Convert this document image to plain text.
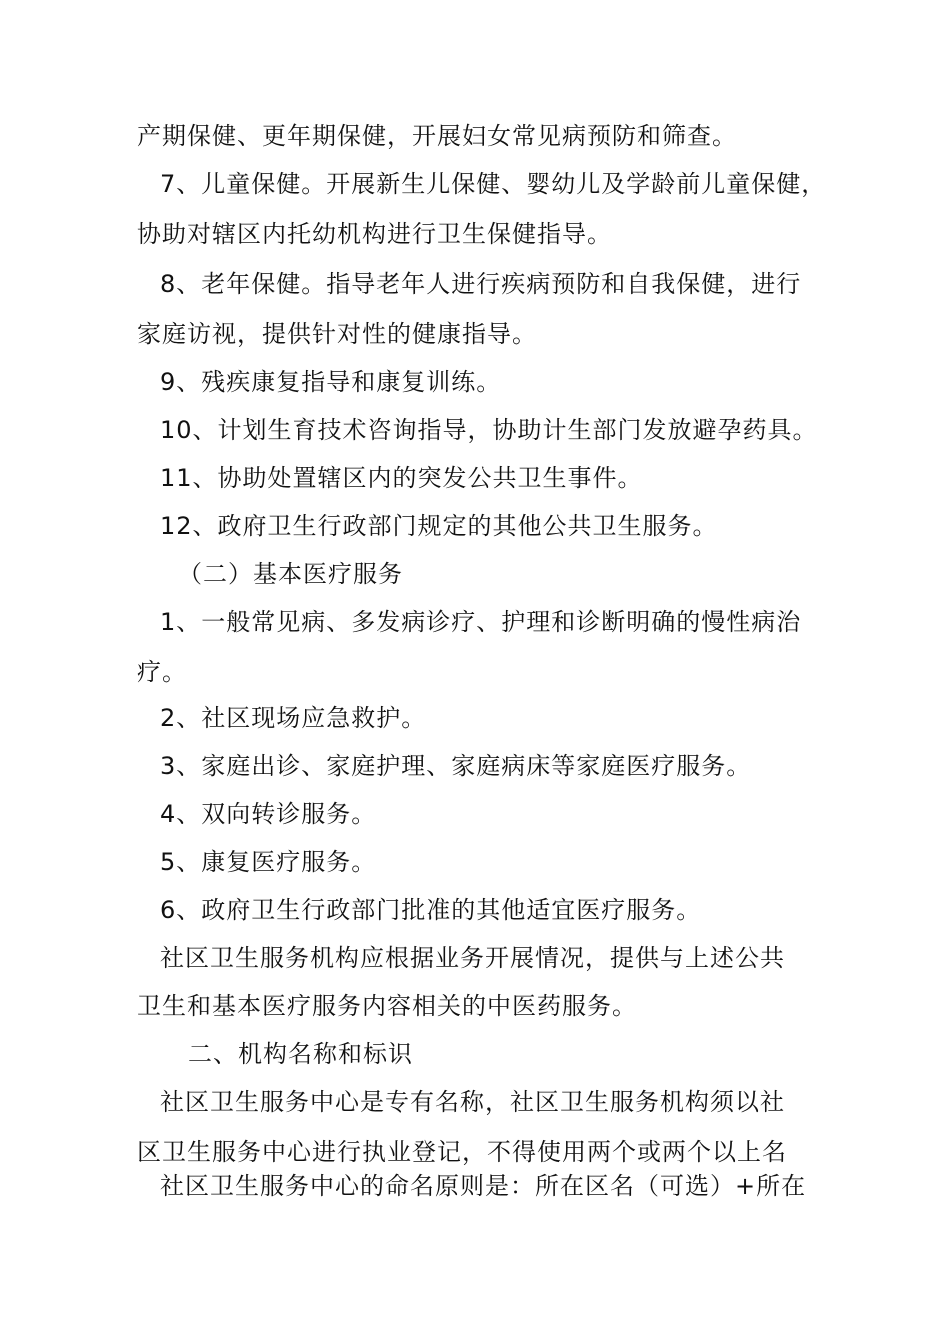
产期保健、更年期保健，开展妇女常见病预防和筛查。
7、儿童保健。开展新生儿保健、婴幼儿及学龄前儿童保健，
协助对辖区内托幼机构进行卫生保健指导。
8、老年保健。指导老年人进行疾病预防和自我保健，进行
家庭访视，提供针对性的健康指导。
9、残疾康复指导和康复训练。
10、计划生育技术咨询指导，协助计生部门发放避孕药具。
11、协助处置辖区内的突发公共卫生事件。
12、政府卫生行政部门规定的其他公共卫生服务。
（二）基本医疗服务
1、一般常见病、多发病诊疗、护理和诊断明确的慢性病治
疗。
2、社区现场应急救护。
3、家庭出诊、家庭护理、家庭病床等家庭医疗服务。
4、双向转诊服务。
5、康复医疗服务。
6、政府卫生行政部门批准的其他适宜医疗服务。
社区卫生服务机构应根据业务开展情况，提供与上述公共
卫生和基本医疗服务内容相关的中医药服务。
二、机构名称和标识
社区卫生服务中心是专有名称，社区卫生服务机构须以社
区卫生服务中心进行执业登记，不得使用两个或两个以上名
社区卫生服务中心的命名原则是：所在区名（可选）+所在
